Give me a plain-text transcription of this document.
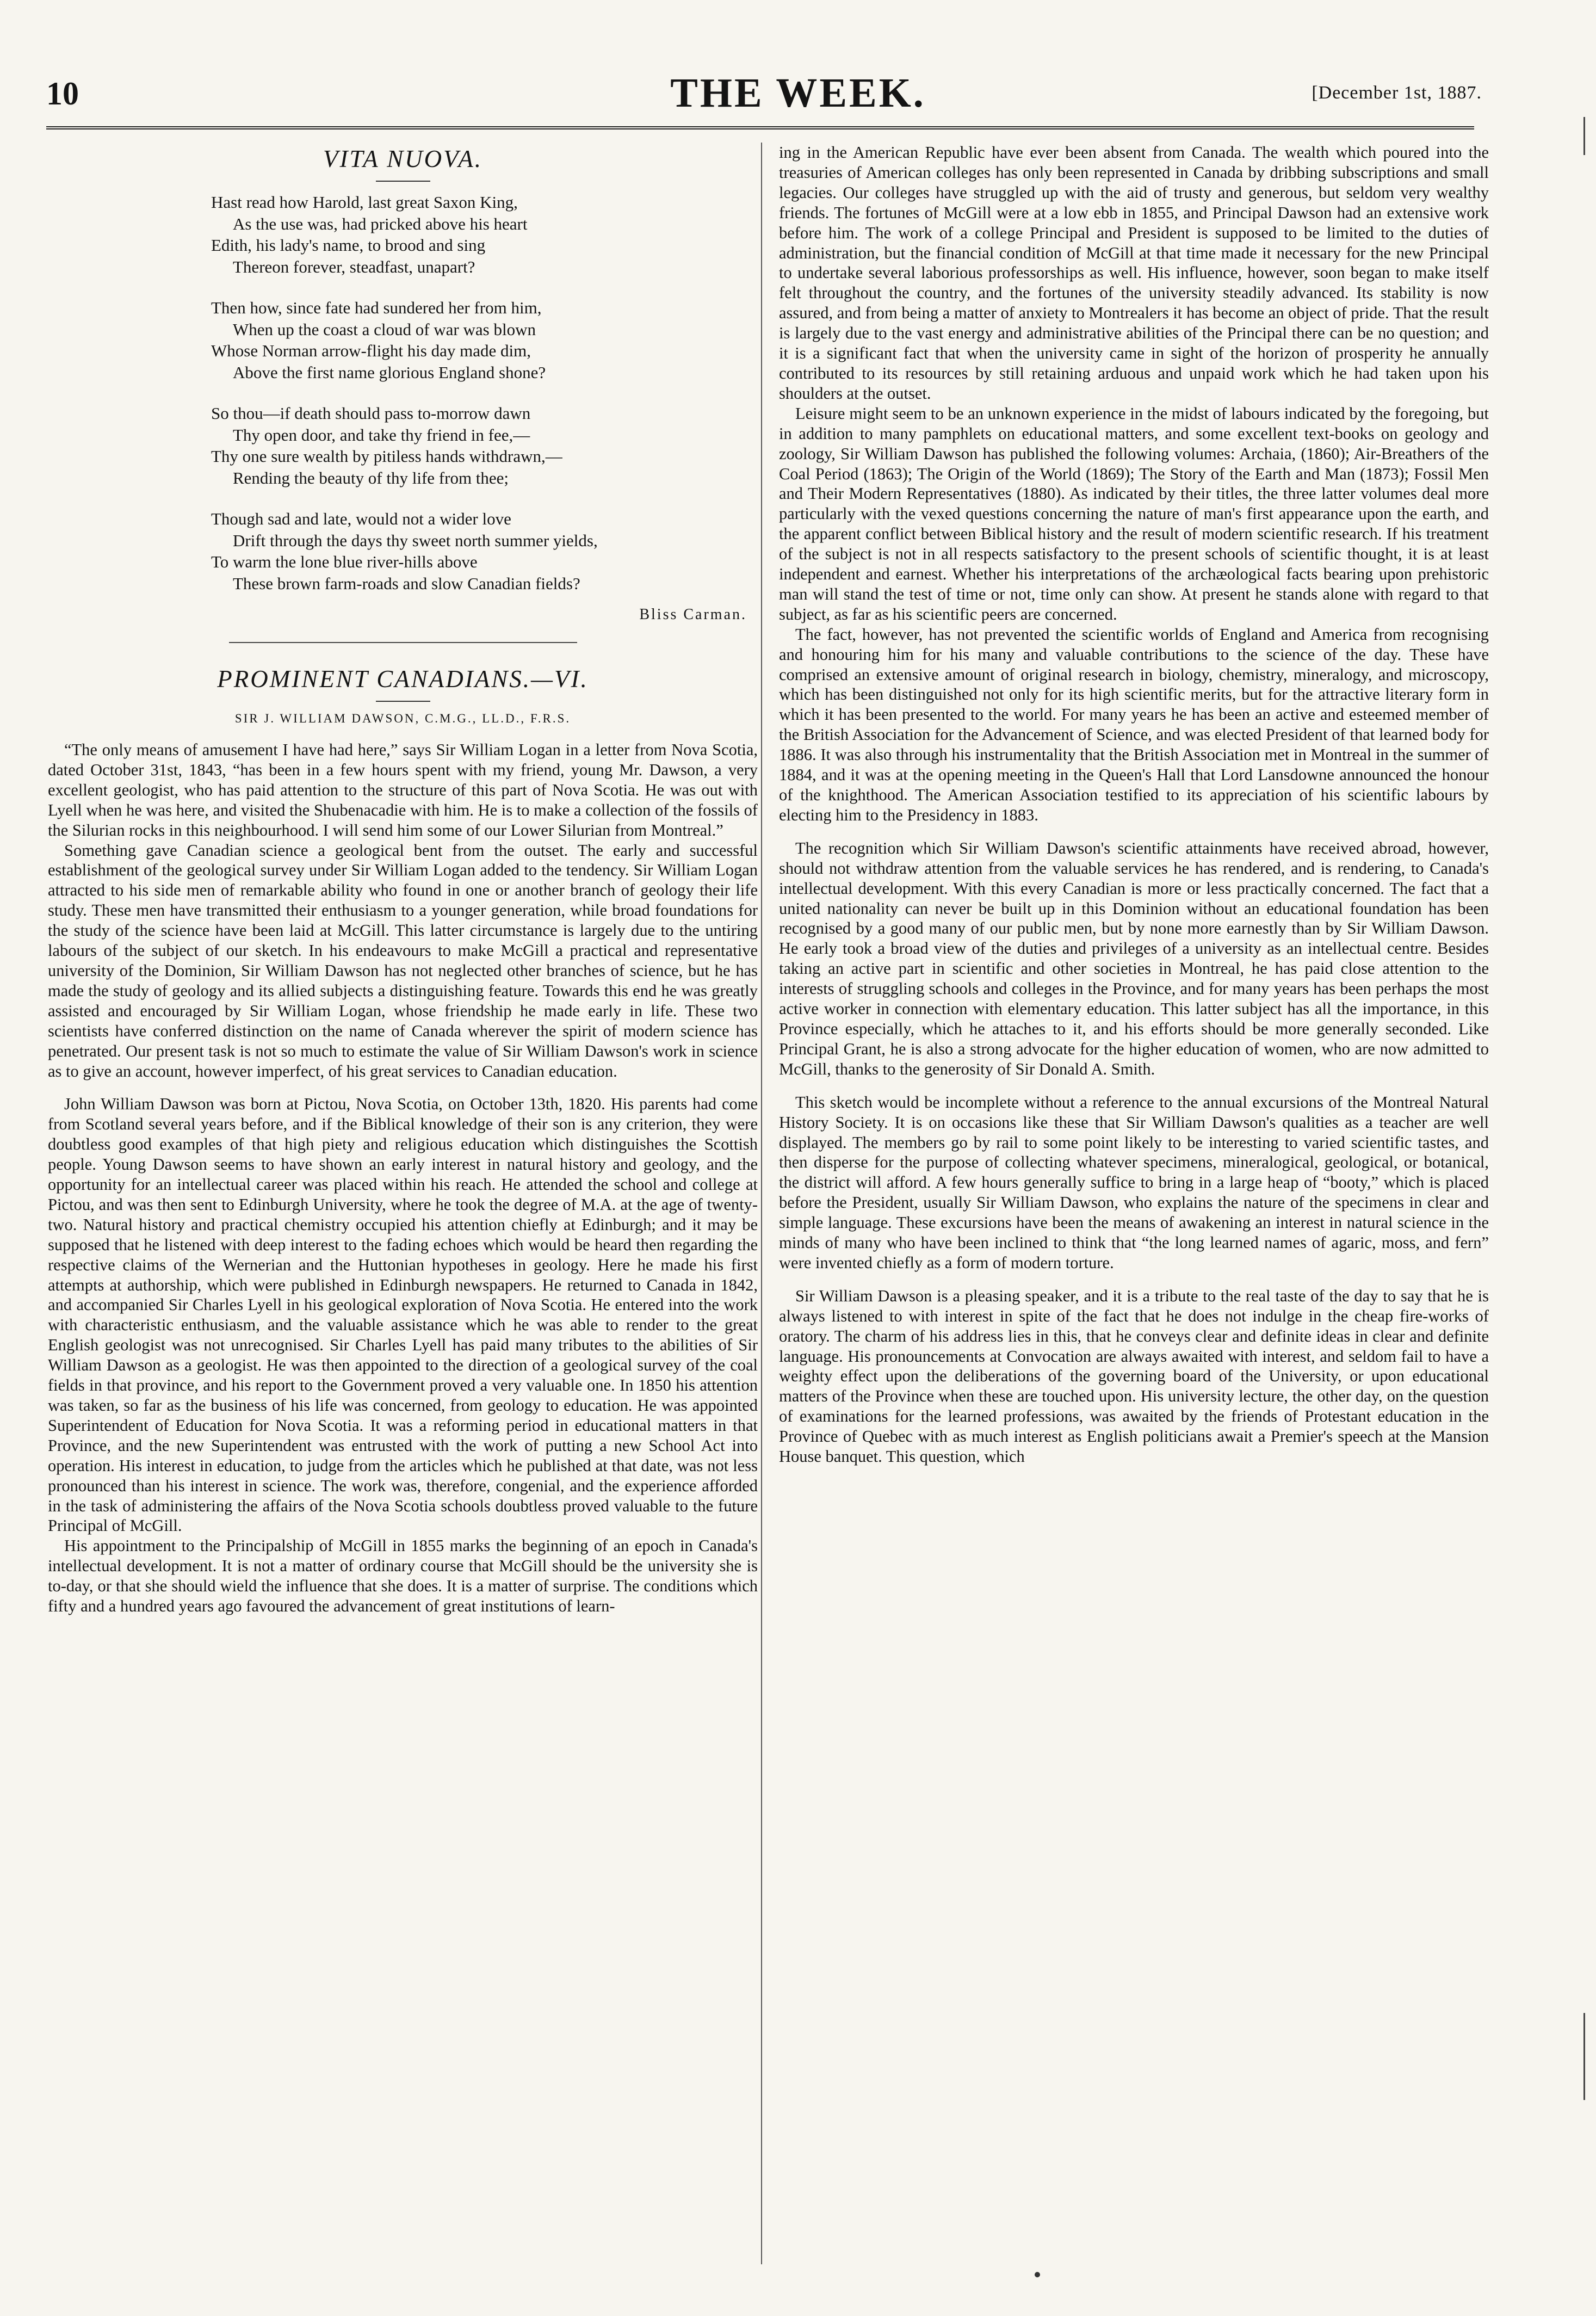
10	THE WEEK.	[December 1st, 1887.
VITA NUOVA.
Hast read how Harold, last great Saxon King,
As the use was, had pricked above his heart
Edith, his lady's name, to brood and sing
Thereon forever, steadfast, unapart?
Then how, since fate had sundered her from him,
When up the coast a cloud of war was blown
Whose Norman arrow-flight his day made dim,
Above the first name glorious England shone?
So thou—if death should pass to-morrow dawn
Thy open door, and take thy friend in fee,—
Thy one sure wealth by pitiless hands withdrawn,—
Rending the beauty of thy life from thee;
Though sad and late, would not a wider love
Drift through the days thy sweet north summer yields,
To warm the lone blue river-hills above
These brown farm-roads and slow Canadian fields?
Bliss Carman.
PROMINENT CANADIANS.—VI.
SIR J. WILLIAM DAWSON, C.M.G., LL.D., F.R.S.

“The only means of amusement I have had here,” says Sir William Logan in a letter from Nova Scotia, dated October 31st, 1843, “has been in a few hours spent with my friend, young Mr. Dawson, a very excellent geologist, who has paid attention to the structure of this part of Nova Scotia. He was out with Lyell when he was here, and visited the Shubenacadie with him. He is to make a collection of the fossils of the Silurian rocks in this neighbourhood. I will send him some of our Lower Silurian from Montreal.”

Something gave Canadian science a geological bent from the outset. The early and successful establishment of the geological survey under Sir William Logan added to the tendency. Sir William Logan attracted to his side men of remarkable ability who found in one or another branch of geology their life study. These men have transmitted their enthusiasm to a younger generation, while broad foundations for the study of the science have been laid at McGill. This latter circumstance is largely due to the untiring labours of the subject of our sketch. In his endeavours to make McGill a practical and representative university of the Dominion, Sir William Dawson has not neglected other branches of science, but he has made the study of geology and its allied subjects a distinguishing feature. Towards this end he was greatly assisted and encouraged by Sir William Logan, whose friendship he made early in life. These two scientists have conferred distinction on the name of Canada wherever the spirit of modern science has penetrated. Our present task is not so much to estimate the value of Sir William Dawson's work in science as to give an account, however imperfect, of his great services to Canadian education.

John William Dawson was born at Pictou, Nova Scotia, on October 13th, 1820. His parents had come from Scotland several years before, and if the Biblical knowledge of their son is any criterion, they were doubtless good examples of that high piety and religious education which distinguishes the Scottish people. Young Dawson seems to have shown an early interest in natural history and geology, and the opportunity for an intellectual career was placed within his reach. He attended the school and college at Pictou, and was then sent to Edinburgh University, where he took the degree of M.A. at the age of twenty-two. Natural history and practical chemistry occupied his attention chiefly at Edinburgh; and it may be supposed that he listened with deep interest to the fading echoes which would be heard then regarding the respective claims of the Wernerian and the Huttonian hypotheses in geology. Here he made his first attempts at authorship, which were published in Edinburgh newspapers. He returned to Canada in 1842, and accompanied Sir Charles Lyell in his geological exploration of Nova Scotia. He entered into the work with characteristic enthusiasm, and the valuable assistance which he was able to render to the great English geologist was not unrecognised. Sir Charles Lyell has paid many tributes to the abilities of Sir William Dawson as a geologist. He was then appointed to the direction of a geological survey of the coal fields in that province, and his report to the Government proved a very valuable one. In 1850 his attention was taken, so far as the business of his life was concerned, from geology to education. He was appointed Superintendent of Education for Nova Scotia. It was a reforming period in educational matters in that Province, and the new Superintendent was entrusted with the work of putting a new School Act into operation. His interest in education, to judge from the articles which he published at that date, was not less pronounced than his interest in science. The work was, therefore, congenial, and the experience afforded in the task of administering the affairs of the Nova Scotia schools doubtless proved valuable to the future Principal of McGill.

His appointment to the Principalship of McGill in 1855 marks the beginning of an epoch in Canada's intellectual development. It is not a matter of ordinary course that McGill should be the university she is to-day, or that she should wield the influence that she does. It is a matter of surprise. The conditions which fifty and a hundred years ago favoured the advancement of great institutions of learn-

ing in the American Republic have ever been absent from Canada. The wealth which poured into the treasuries of American colleges has only been represented in Canada by dribbing subscriptions and small legacies. Our colleges have struggled up with the aid of trusty and generous, but seldom very wealthy friends. The fortunes of McGill were at a low ebb in 1855, and Principal Dawson had an extensive work before him. The work of a college Principal and President is supposed to be limited to the duties of administration, but the financial condition of McGill at that time made it necessary for the new Principal to undertake several laborious professorships as well. His influence, however, soon began to make itself felt throughout the country, and the fortunes of the university steadily advanced. Its stability is now assured, and from being a matter of anxiety to Montrealers it has become an object of pride. That the result is largely due to the vast energy and administrative abilities of the Principal there can be no question; and it is a significant fact that when the university came in sight of the horizon of prosperity he annually contributed to its resources by still retaining arduous and unpaid work which he had taken upon his shoulders at the outset.

Leisure might seem to be an unknown experience in the midst of labours indicated by the foregoing, but in addition to many pamphlets on educational matters, and some excellent text-books on geology and zoology, Sir William Dawson has published the following volumes: Archaia, (1860); Air-Breathers of the Coal Period (1863); The Origin of the World (1869); The Story of the Earth and Man (1873); Fossil Men and Their Modern Representatives (1880). As indicated by their titles, the three latter volumes deal more particularly with the vexed questions concerning the nature of man's first appearance upon the earth, and the apparent conflict between Biblical history and the result of modern scientific research. If his treatment of the subject is not in all respects satisfactory to the present schools of scientific thought, it is at least independent and earnest. Whether his interpretations of the archæological facts bearing upon prehistoric man will stand the test of time or not, time only can show. At present he stands alone with regard to that subject, as far as his scientific peers are concerned.

The fact, however, has not prevented the scientific worlds of England and America from recognising and honouring him for his many and valuable contributions to the science of the day. These have comprised an extensive amount of original research in biology, chemistry, mineralogy, and microscopy, which has been distinguished not only for its high scientific merits, but for the attractive literary form in which it has been presented to the world. For many years he has been an active and esteemed member of the British Association for the Advancement of Science, and was elected President of that learned body for 1886. It was also through his instrumentality that the British Association met in Montreal in the summer of 1884, and it was at the opening meeting in the Queen's Hall that Lord Lansdowne announced the honour of the knighthood. The American Association testified to its appreciation of his scientific labours by electing him to the Presidency in 1883.

The recognition which Sir William Dawson's scientific attainments have received abroad, however, should not withdraw attention from the valuable services he has rendered, and is rendering, to Canada's intellectual development. With this every Canadian is more or less practically concerned. The fact that a united nationality can never be built up in this Dominion without an educational foundation has been recognised by a good many of our public men, but by none more earnestly than by Sir William Dawson. He early took a broad view of the duties and privileges of a university as an intellectual centre. Besides taking an active part in scientific and other societies in Montreal, he has paid close attention to the interests of struggling schools and colleges in the Province, and for many years has been perhaps the most active worker in connection with elementary education. This latter subject has all the importance, in this Province especially, which he attaches to it, and his efforts should be more generally seconded. Like Principal Grant, he is also a strong advocate for the higher education of women, who are now admitted to McGill, thanks to the generosity of Sir Donald A. Smith.

This sketch would be incomplete without a reference to the annual excursions of the Montreal Natural History Society. It is on occasions like these that Sir William Dawson's qualities as a teacher are well displayed. The members go by rail to some point likely to be interesting to varied scientific tastes, and then disperse for the purpose of collecting whatever specimens, mineralogical, geological, or botanical, the district will afford. A few hours generally suffice to bring in a large heap of “booty,” which is placed before the President, usually Sir William Dawson, who explains the nature of the specimens in clear and simple language. These excursions have been the means of awakening an interest in natural science in the minds of many who have been inclined to think that “the long learned names of agaric, moss, and fern” were invented chiefly as a form of modern torture.

Sir William Dawson is a pleasing speaker, and it is a tribute to the real taste of the day to say that he is always listened to with interest in spite of the fact that he does not indulge in the cheap fire-works of oratory. The charm of his address lies in this, that he conveys clear and definite ideas in clear and definite language. His pronouncements at Convocation are always awaited with interest, and seldom fail to have a weighty effect upon the deliberations of the governing board of the University, or upon educational matters of the Province when these are touched upon. His university lecture, the other day, on the question of examinations for the learned professions, was awaited by the friends of Protestant education in the Province of Quebec with as much interest as English politicians await a Premier's speech at the Mansion House banquet. This question, which
